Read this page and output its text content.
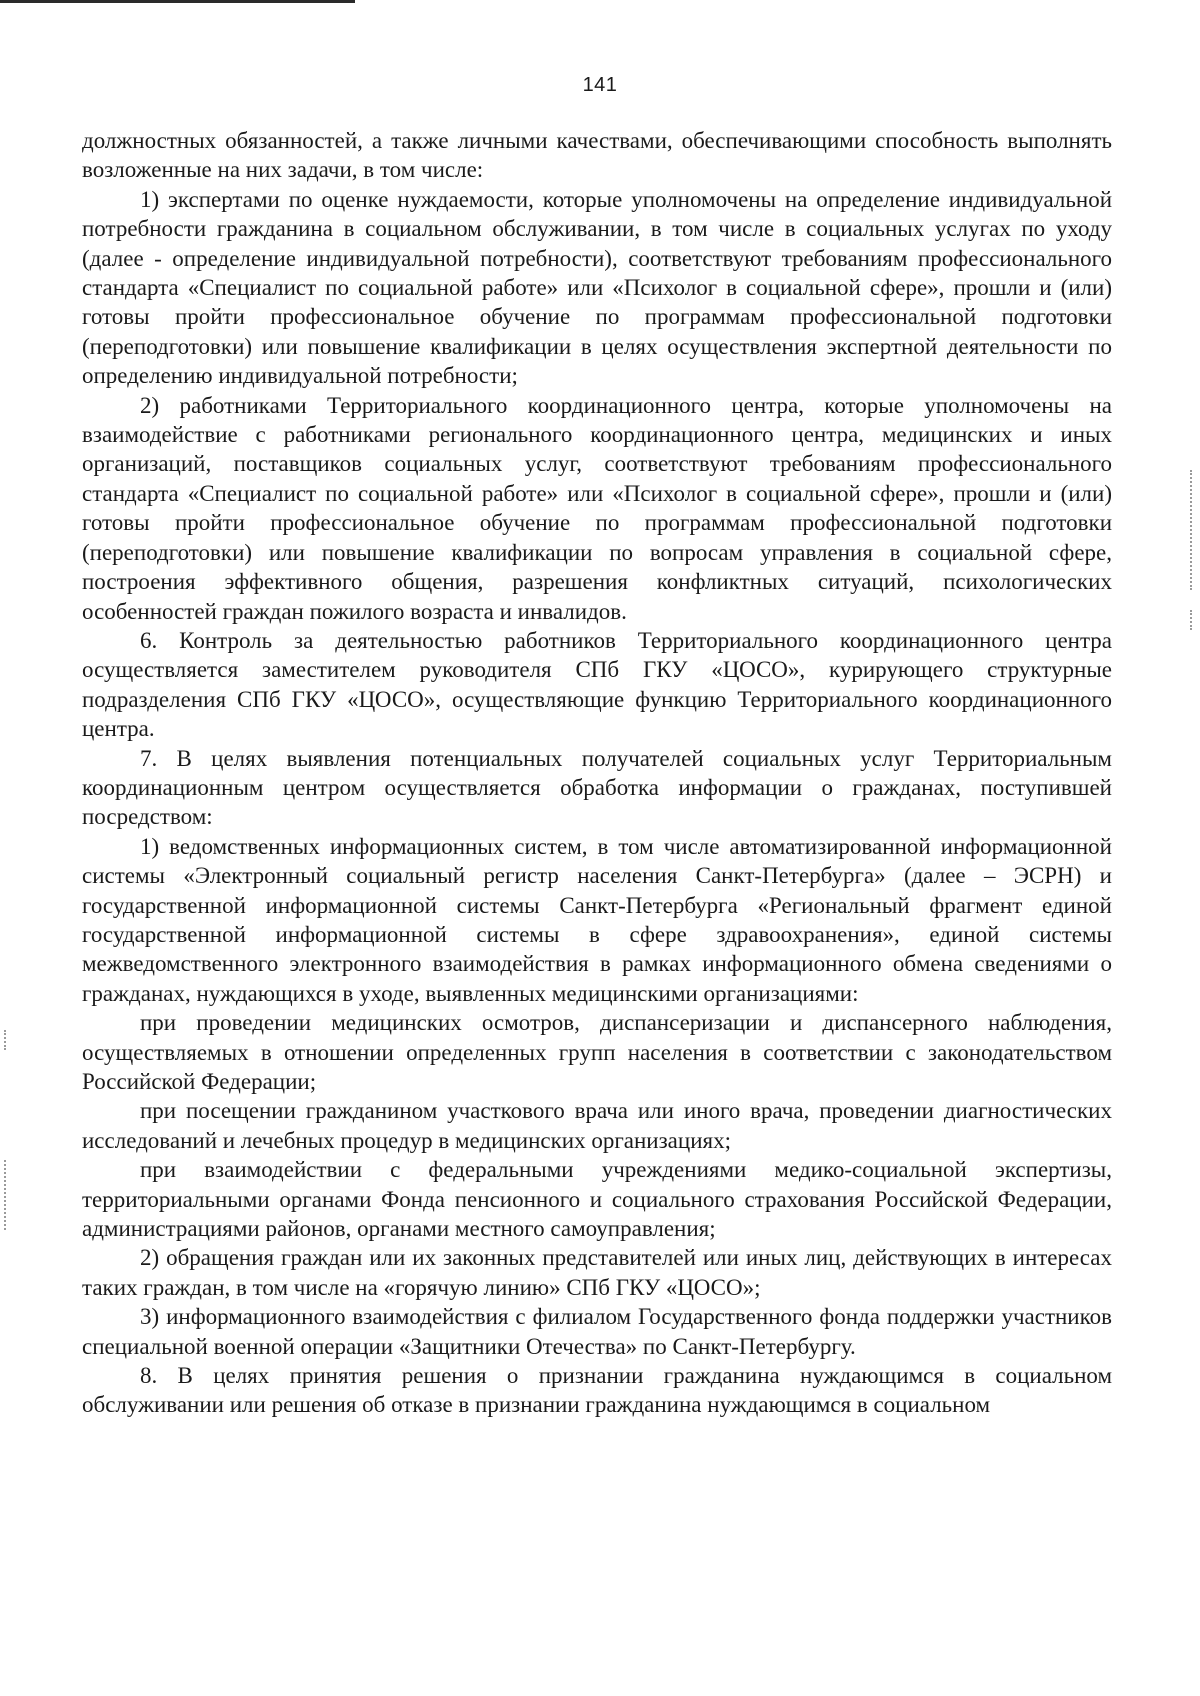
141

должностных обязанностей, а также личными качествами, обеспечивающими способность выполнять возложенные на них задачи, в том числе:

1) экспертами по оценке нуждаемости, которые уполномочены на определение индивидуальной потребности гражданина в социальном обслуживании, в том числе в социальных услугах по уходу (далее - определение индивидуальной потребности), соответствуют требованиям профессионального стандарта «Специалист по социальной работе» или «Психолог в социальной сфере», прошли и (или) готовы пройти профессиональное обучение по программам профессиональной подготовки (переподготовки) или повышение квалификации в целях осуществления экспертной деятельности по определению индивидуальной потребности;

2) работниками Территориального координационного центра, которые уполномочены на взаимодействие с работниками регионального координационного центра, медицинских и иных организаций, поставщиков социальных услуг, соответствуют требованиям профессионального стандарта «Специалист по социальной работе» или «Психолог в социальной сфере», прошли и (или) готовы пройти профессиональное обучение по программам профессиональной подготовки (переподготовки) или повышение квалификации по вопросам управления в социальной сфере, построения эффективного общения, разрешения конфликтных ситуаций, психологических особенностей граждан пожилого возраста и инвалидов.

6. Контроль за деятельностью работников Территориального координационного центра осуществляется заместителем руководителя СПб ГКУ «ЦОСО», курирующего структурные подразделения СПб ГКУ «ЦОСО», осуществляющие функцию Территориального координационного центра.

7. В целях выявления потенциальных получателей социальных услуг Территориальным координационным центром осуществляется обработка информации о гражданах, поступившей посредством:

1) ведомственных информационных систем, в том числе автоматизированной информационной системы «Электронный социальный регистр населения Санкт-Петербурга» (далее – ЭСРН) и государственной информационной системы Санкт-Петербурга «Региональный фрагмент единой государственной информационной системы в сфере здравоохранения», единой системы межведомственного электронного взаимодействия в рамках информационного обмена сведениями о гражданах, нуждающихся в уходе, выявленных медицинскими организациями:

при проведении медицинских осмотров, диспансеризации и диспансерного наблюдения, осуществляемых в отношении определенных групп населения в соответствии с законодательством Российской Федерации;

при посещении гражданином участкового врача или иного врача, проведении диагностических исследований и лечебных процедур в медицинских организациях;

при взаимодействии с федеральными учреждениями медико-социальной экспертизы, территориальными органами Фонда пенсионного и социального страхования Российской Федерации, администрациями районов, органами местного самоуправления;

2) обращения граждан или их законных представителей или иных лиц, действующих в интересах таких граждан, в том числе на «горячую линию» СПб ГКУ «ЦОСО»;

3) информационного взаимодействия с филиалом Государственного фонда поддержки участников специальной военной операции «Защитники Отечества» по Санкт-Петербургу.

8. В целях принятия решения о признании гражданина нуждающимся в социальном обслуживании или решения об отказе в признании гражданина нуждающимся в социальном
